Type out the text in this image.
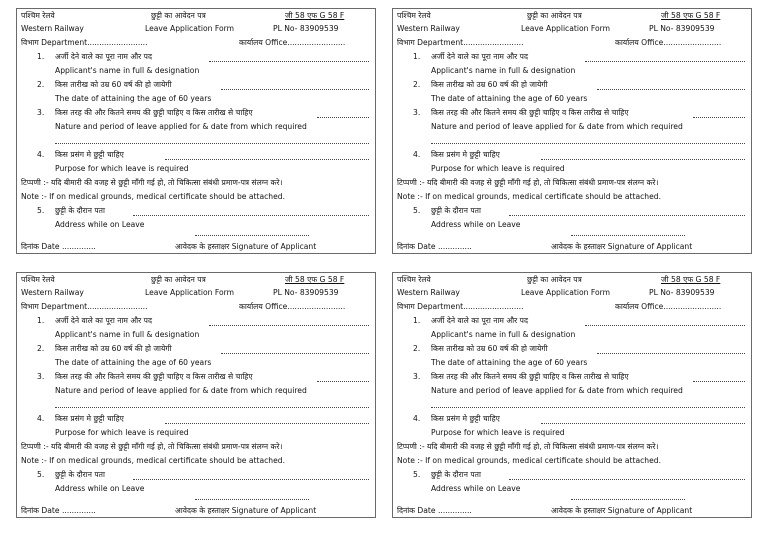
पश्चिम रेलवे	छुट्टी का आवेदन पत्र	जी 58 एफ G 58 F
Western Railway	Leave Application Form	PL No- 83909539
विभाग Department.........................	कार्यालय Office........................
1. अर्जी देने वाले का पूरा नाम और पद
Applicant's name in full & designation
2. किस तारीख को उम्र 60 वर्ष की हो जायेगी
The date of attaining the age of 60 years
3. किस तरह की और कितने समय की छुट्टी चाहिए व किस तारीख से चाहिए
Nature and period of leave applied for & date from which required
4. किस प्रसंग मे छुट्टी चाहिए
Purpose for which leave is required
टिप्पणी :- यदि बीमारी की वजह से छुट्टी माँगी गई हो, तो चिकित्सा संबंधी प्रमाण-पत्र संलग्न करे।
Note :- If on medical grounds, medical certificate should be attached.
5. छुट्टी के दौरान पता
Address while on Leave
दिनांक Date ..............	आवेदक के हस्ताक्षर Signature of Applicant
पश्चिम रेलवे	छुट्टी का आवेदन पत्र	जी 58 एफ G 58 F
Western Railway	Leave Application Form	PL No- 83909539
विभाग Department.........................	कार्यालय Office........................
1. अर्जी देने वाले का पूरा नाम और पद
Applicant's name in full & designation
2. किस तारीख को उम्र 60 वर्ष की हो जायेगी
The date of attaining the age of 60 years
3. किस तरह की और कितने समय की छुट्टी चाहिए व किस तारीख से चाहिए
Nature and period of leave applied for & date from which required
4. किस प्रसंग मे छुट्टी चाहिए
Purpose for which leave is required
टिप्पणी :- यदि बीमारी की वजह से छुट्टी माँगी गई हो, तो चिकित्सा संबंधी प्रमाण-पत्र संलग्न करे।
Note :- If on medical grounds, medical certificate should be attached.
5. छुट्टी के दौरान पता
Address while on Leave
दिनांक Date ..............	आवेदक के हस्ताक्षर Signature of Applicant
पश्चिम रेलवे	छुट्टी का आवेदन पत्र	जी 58 एफ G 58 F
Western Railway	Leave Application Form	PL No- 83909539
विभाग Department.........................	कार्यालय Office........................
1. अर्जी देने वाले का पूरा नाम और पद
Applicant's name in full & designation
2. किस तारीख को उम्र 60 वर्ष की हो जायेगी
The date of attaining the age of 60 years
3. किस तरह की और कितने समय की छुट्टी चाहिए व किस तारीख से चाहिए
Nature and period of leave applied for & date from which required
4. किस प्रसंग मे छुट्टी चाहिए
Purpose for which leave is required
टिप्पणी :- यदि बीमारी की वजह से छुट्टी माँगी गई हो, तो चिकित्सा संबंधी प्रमाण-पत्र संलग्न करे।
Note :- If on medical grounds, medical certificate should be attached.
5. छुट्टी के दौरान पता
Address while on Leave
दिनांक Date ..............	आवेदक के हस्ताक्षर Signature of Applicant
पश्चिम रेलवे	छुट्टी का आवेदन पत्र	जी 58 एफ G 58 F
Western Railway	Leave Application Form	PL No- 83909539
विभाग Department.........................	कार्यालय Office........................
1. अर्जी देने वाले का पूरा नाम और पद
Applicant's name in full & designation
2. किस तारीख को उम्र 60 वर्ष की हो जायेगी
The date of attaining the age of 60 years
3. किस तरह की और कितने समय की छुट्टी चाहिए व किस तारीख से चाहिए
Nature and period of leave applied for & date from which required
4. किस प्रसंग मे छुट्टी चाहिए
Purpose for which leave is required
टिप्पणी :- यदि बीमारी की वजह से छुट्टी माँगी गई हो, तो चिकित्सा संबंधी प्रमाण-पत्र संलग्न करे।
Note :- If on medical grounds, medical certificate should be attached.
5. छुट्टी के दौरान पता
Address while on Leave
दिनांक Date ..............	आवेदक के हस्ताक्षर Signature of Applicant
